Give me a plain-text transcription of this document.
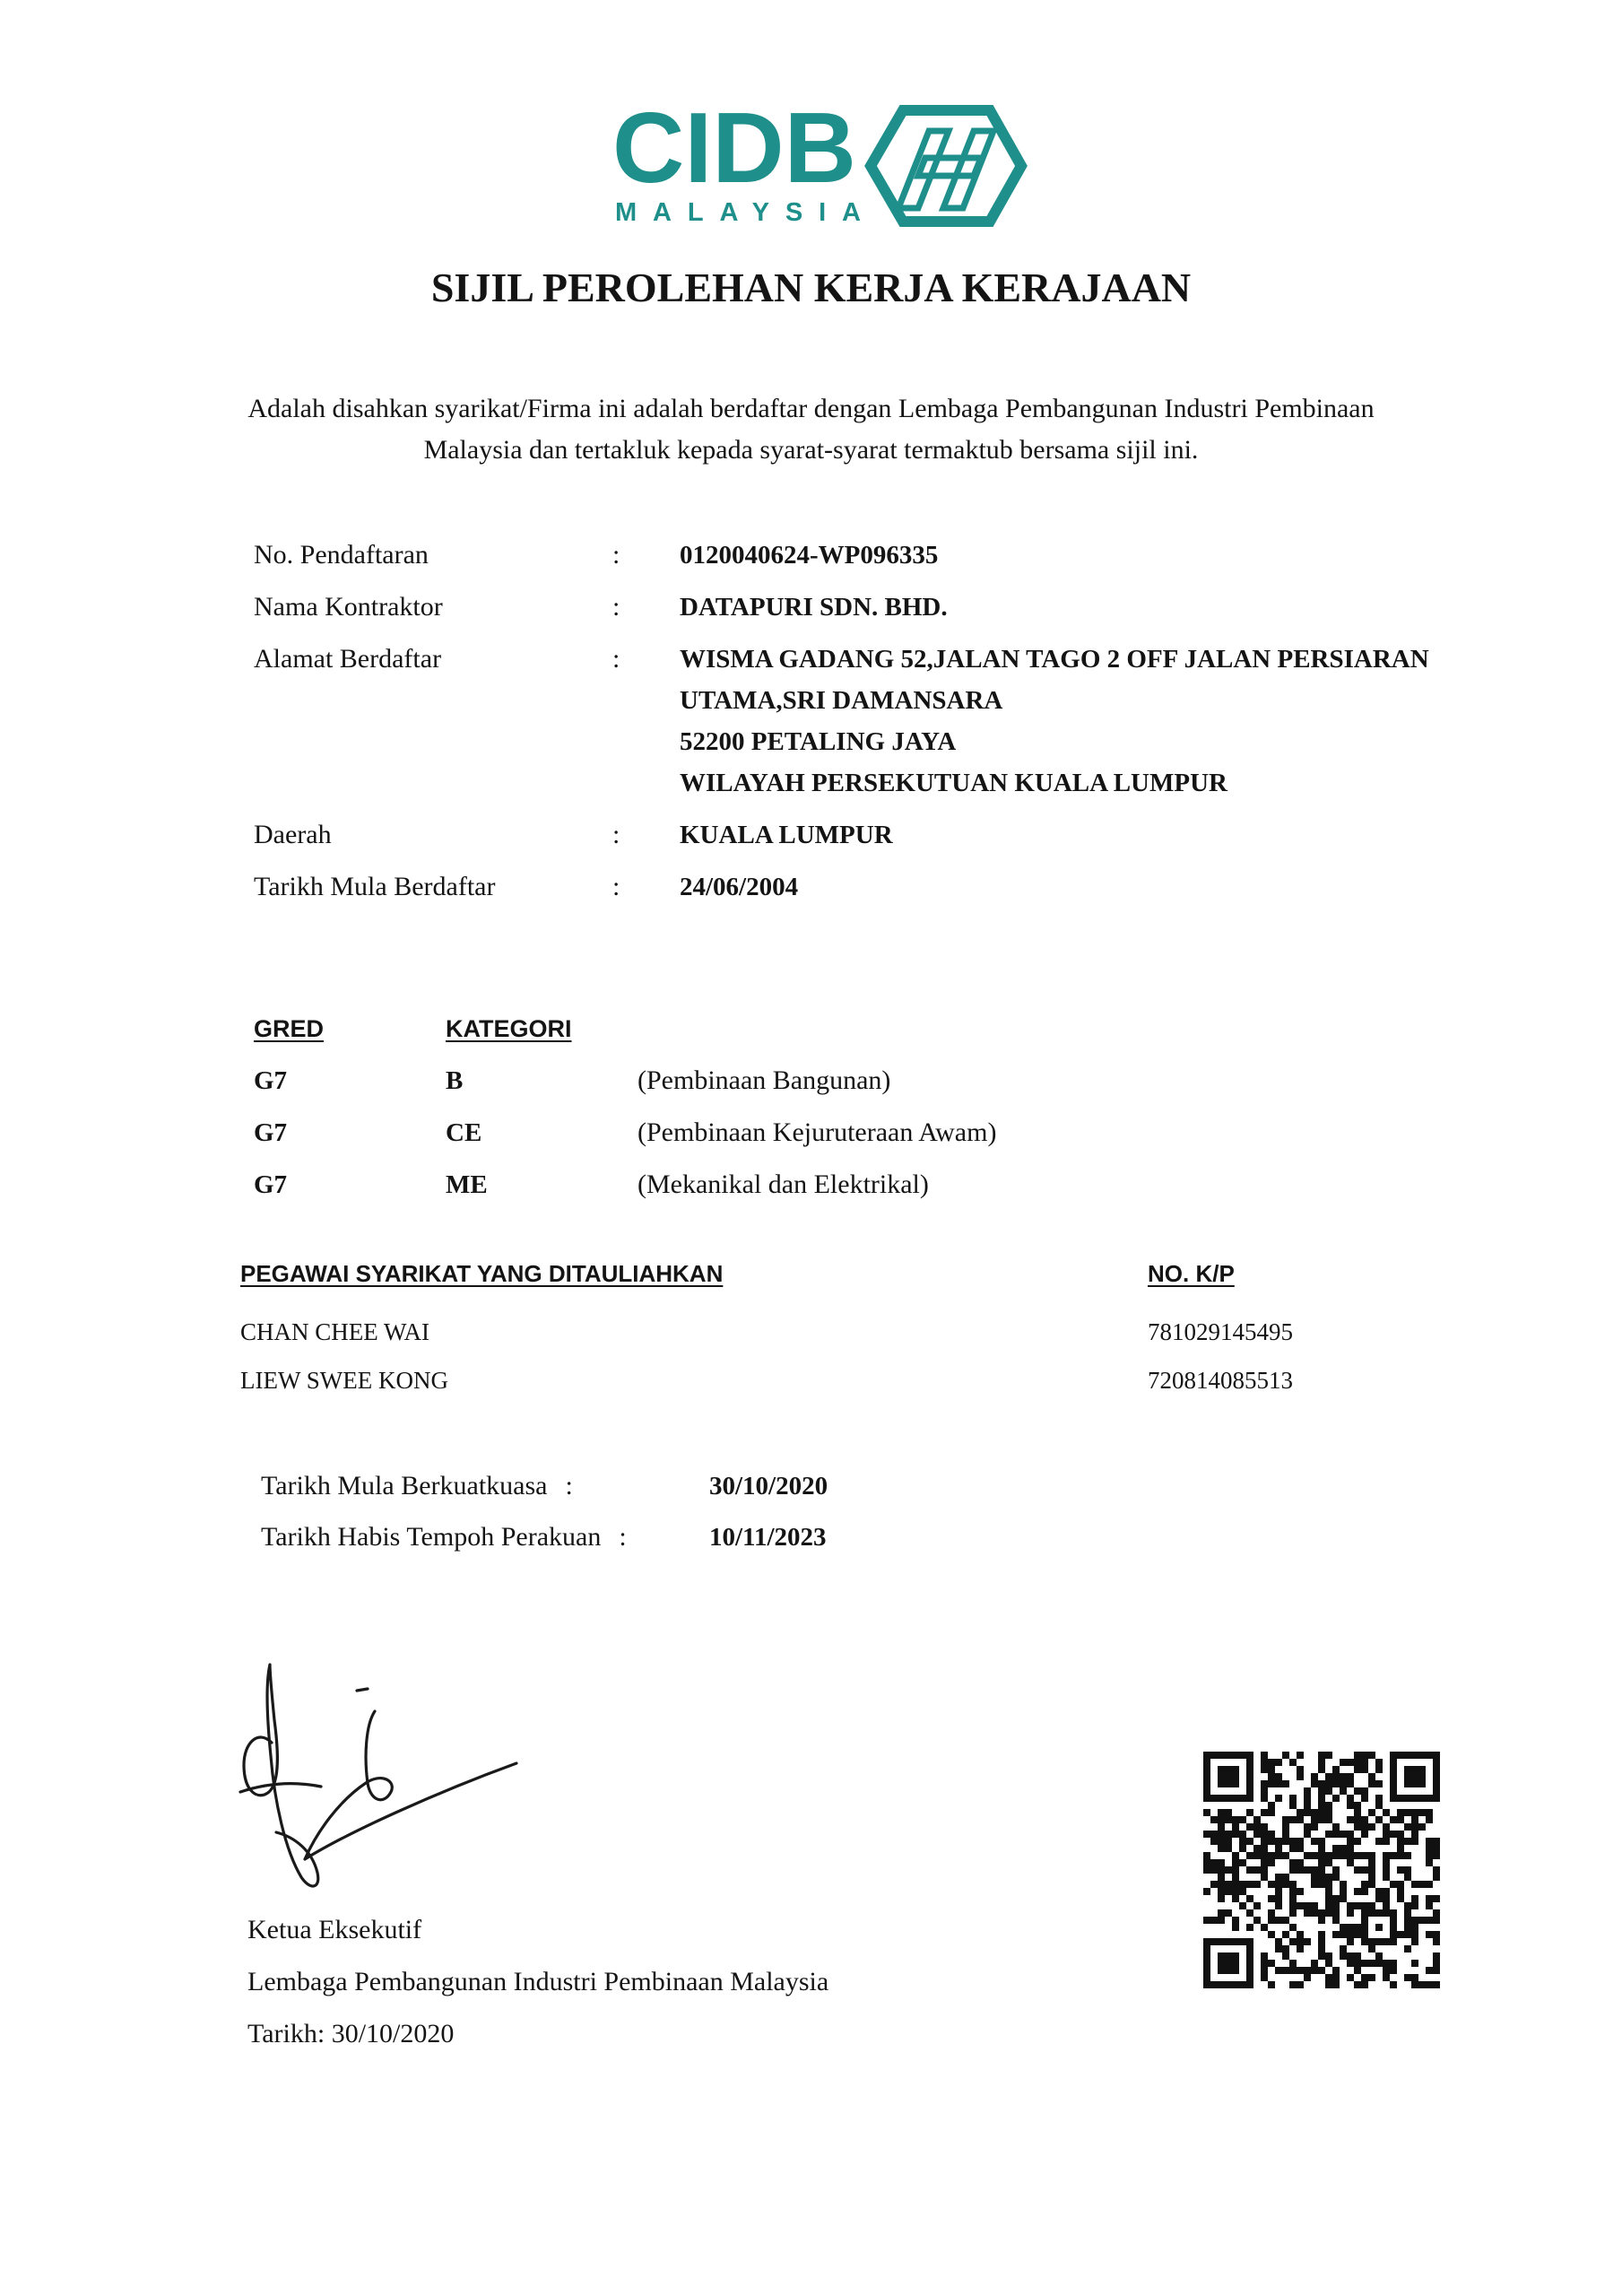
CIDB
MALAYSIA
SIJIL PEROLEHAN KERJA KERAJAAN
Adalah disahkan syarikat/Firma ini adalah berdaftar dengan Lembaga Pembangunan Industri Pembinaan
Malaysia dan tertakluk kepada syarat-syarat termaktub bersama sijil ini.
No. Pendaftaran	:	0120040624-WP096335
Nama Kontraktor	:	DATAPURI SDN. BHD.
Alamat Berdaftar	:	WISMA GADANG 52,JALAN TAGO 2 OFF JALAN PERSIARAN
UTAMA,SRI DAMANSARA
52200 PETALING JAYA
WILAYAH PERSEKUTUAN KUALA LUMPUR
Daerah	:	KUALA LUMPUR
Tarikh Mula Berdaftar	:	24/06/2004
GRED	KATEGORI
G7	B	(Pembinaan Bangunan)
G7	CE	(Pembinaan Kejuruteraan Awam)
G7	ME	(Mekanikal dan Elektrikal)
PEGAWAI SYARIKAT YANG DITAULIAHKAN	NO. K/P
CHAN CHEE WAI	781029145495
LIEW SWEE KONG	720814085513
Tarikh Mula Berkuatkuasa :	30/10/2020
Tarikh Habis Tempoh Perakuan :	10/11/2023
Ketua Eksekutif
Lembaga Pembangunan Industri Pembinaan Malaysia
Tarikh: 30/10/2020
